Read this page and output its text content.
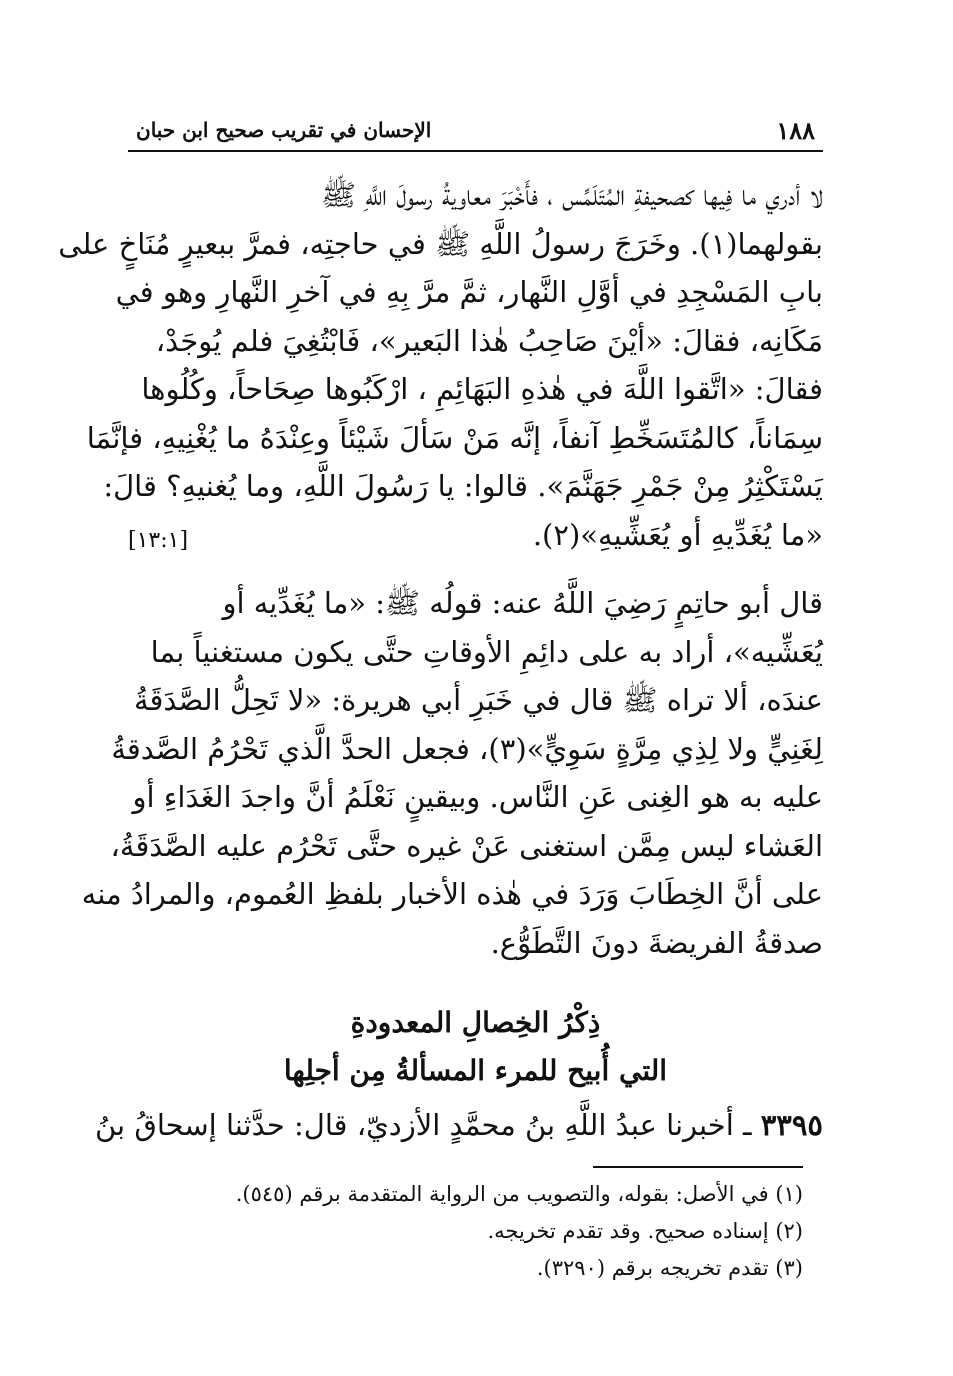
الإحسان في تقريب صحيح ابن حبان	١٨٨
لا أدري ما فِيها كصحيفةِ المُتَلَمِّس ، فأَخْبَرَ معاويةُ رسولَ اللَّهِ ﷺ
بقولهما(١). وخَرَجَ رسولُ اللَّهِ ﷺ في حاجتِه، فمرَّ ببعيرٍ مُنَاخٍ على
بابِ المَسْجِدِ في أوَّلِ النَّهار، ثمَّ مرَّ بِهِ في آخرِ النَّهارِ وهو في
مَكَانِه، فقالَ: «أيْنَ صَاحِبُ هٰذا البَعير»، فَابْتُغِيَ فلم يُوجَدْ،
فقالَ: «اتَّقوا اللَّهَ في هٰذهِ البَهَائِمِ ، ارْكَبُوها صِحَاحاً، وكُلُوها
سِمَاناً، كالمُتَسَخِّطِ آنفاً، إنَّه مَنْ سَألَ شَيْئاً وعِنْدَهُ ما يُغْنِيهِ، فإنَّمَا
يَسْتَكْثِرُ مِنْ جَمْرِ جَهَنَّمَ». قالوا: يا رَسُولَ اللَّهِ، وما يُغنيهِ؟ قالَ:
«ما يُغَدِّيهِ أو يُعَشِّيهِ»(٢).
[١٣:١]
قال أبو حاتِمٍ رَضِيَ اللَّهُ عنه: قولُه ﷺ: «ما يُغَدِّيه أو
يُعَشِّيه»، أراد به على دائِمِ الأوقاتِ حتَّى يكون مستغنياً بما
عندَه، ألا تراه ﷺ قال في خَبَرِ أبي هريرة: «لا تَحِلُّ الصَّدَقَةُ
لِغَنِيٍّ ولا لِذِي مِرَّةٍ سَوِيٍّ»(٣)، فجعل الحدَّ الَّذي تَحْرُمُ الصَّدقةُ
عليه به هو الغِنى عَنِ النَّاس. وبيقينٍ نَعْلَمُ أنَّ واجدَ الغَدَاءِ أو
العَشاء ليس مِمَّن استغنى عَنْ غيره حتَّى تَحْرُم عليه الصَّدَقَةُ،
على أنَّ الخِطَابَ وَرَدَ في هٰذه الأخبار بلفظِ العُموم، والمرادُ منه
صدقةُ الفريضةَ دونَ التَّطَوُّع.
ذِكْرُ الخِصالِ المعدودةِ
التي أُبيح للمرء المسألةُ مِن أجلِها
٣٣٩٥ ـ أخبرنا عبدُ اللَّهِ بنُ محمَّدٍ الأزديّ، قال: حدَّثنا إسحاقُ بنُ
(١) في الأصل: بقوله، والتصويب من الرواية المتقدمة برقم (٥٤٥).
(٢) إسناده صحيح. وقد تقدم تخريجه.
(٣) تقدم تخريجه برقم (٣٢٩٠).
